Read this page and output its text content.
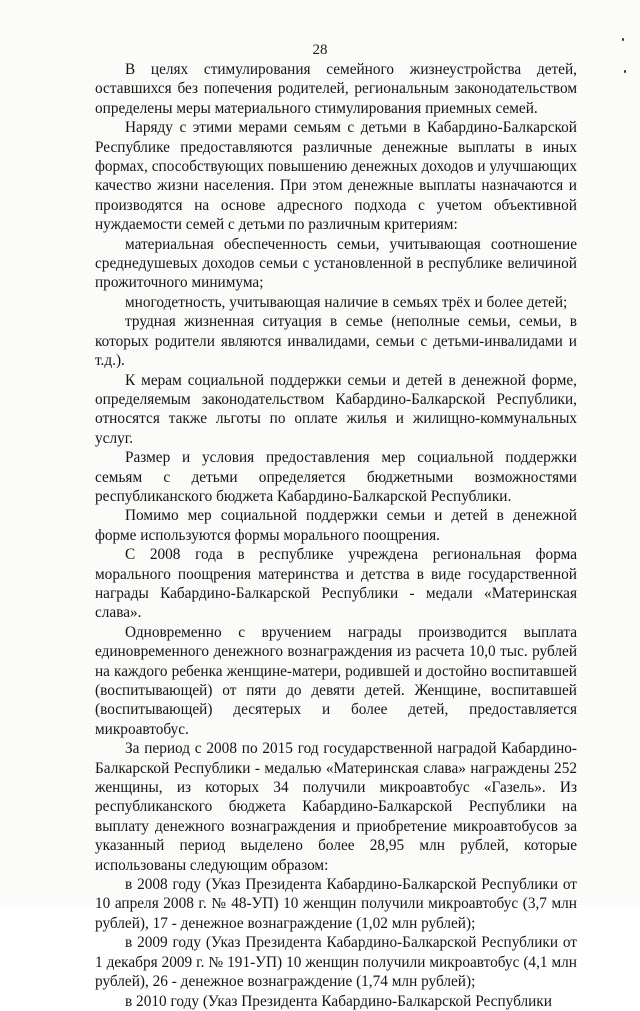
28

В целях стимулирования семейного жизнеустройства детей, оставшихся без попечения родителей, региональным законодательством определены меры материального стимулирования приемных семей.

Наряду с этими мерами семьям с детьми в Кабардино-Балкарской Республике предоставляются различные денежные выплаты в иных формах, способствующих повышению денежных доходов и улучшающих качество жизни населения. При этом денежные выплаты назначаются и производятся на основе адресного подхода с учетом объективной нуждаемости семей с детьми по различным критериям:

материальная обеспеченность семьи, учитывающая соотношение среднедушевых доходов семьи с установленной в республике величиной прожиточного минимума;

многодетность, учитывающая наличие в семьях трёх и более детей;

трудная жизненная ситуация в семье (неполные семьи, семьи, в которых родители являются инвалидами, семьи с детьми-инвалидами и т.д.).

К мерам социальной поддержки семьи и детей в денежной форме, определяемым законодательством Кабардино-Балкарской Республики, относятся также льготы по оплате жилья и жилищно-коммунальных услуг.

Размер и условия предоставления мер социальной поддержки семьям с детьми определяется бюджетными возможностями республиканского бюджета Кабардино-Балкарской Республики.

Помимо мер социальной поддержки семьи и детей в денежной форме используются формы морального поощрения.

С 2008 года в республике учреждена региональная форма морального поощрения материнства и детства в виде государственной награды Кабардино-Балкарской Республики - медали «Материнская слава».

Одновременно с вручением награды производится выплата единовременного денежного вознаграждения из расчета 10,0 тыс. рублей на каждого ребенка женщине-матери, родившей и достойно воспитавшей (воспитывающей) от пяти до девяти детей. Женщине, воспитавшей (воспитывающей) десятерых и более детей, предоставляется микроавтобус.

За период с 2008 по 2015 год государственной наградой Кабардино-Балкарской Республики - медалью «Материнская слава» награждены 252 женщины, из которых 34 получили микроавтобус «Газель». Из республиканского бюджета Кабардино-Балкарской Республики на выплату денежного вознаграждения и приобретение микроавтобусов за указанный период выделено более 28,95 млн рублей, которые использованы следующим образом:

в 2008 году (Указ Президента Кабардино-Балкарской Республики от 10 апреля 2008 г. № 48-УП) 10 женщин получили микроавтобус (3,7 млн рублей), 17 - денежное вознаграждение (1,02 млн рублей);

в 2009 году (Указ Президента Кабардино-Балкарской Республики от 1 декабря 2009 г. № 191-УП) 10 женщин получили микроавтобус (4,1 млн рублей), 26 - денежное вознаграждение (1,74 млн рублей);

в 2010 году (Указ Президента Кабардино-Балкарской Республики
